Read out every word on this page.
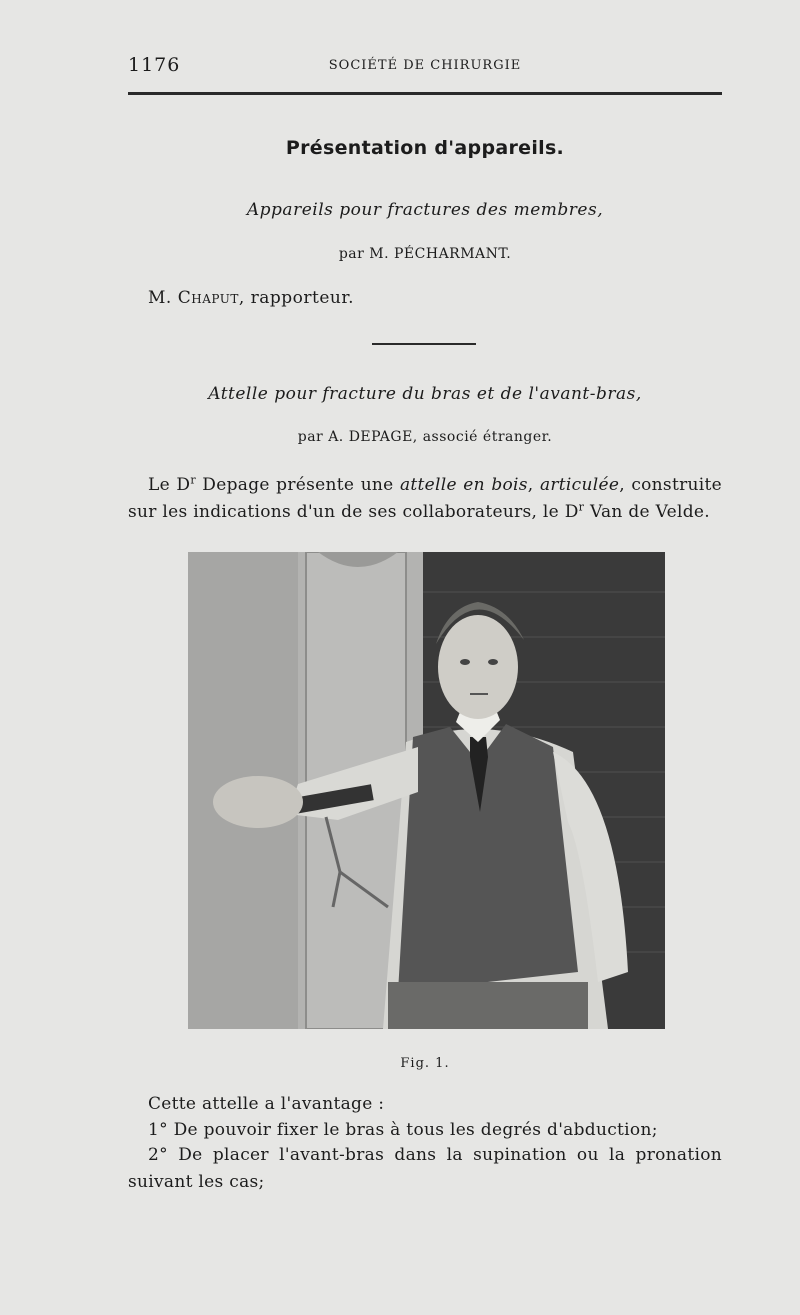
1176	SOCIÉTÉ DE CHIRURGIE
Présentation d'appareils.
Appareils pour fractures des membres,
par M. PÉCHARMANT.
M. Chaput, rapporteur.
Attelle pour fracture du bras et de l'avant-bras,
par A. DEPAGE, associé étranger.
Le $D^r$ Depage présente une attelle en bois, articulée, construite sur les indications d'un de ses collaborateurs, le $D^r$ Van de Velde.
Fig. 1.
Cette attelle a l'avantage :
1° De pouvoir fixer le bras à tous les degrés d'abduction;
2° De placer l'avant-bras dans la supination ou la pronation suivant les cas;
